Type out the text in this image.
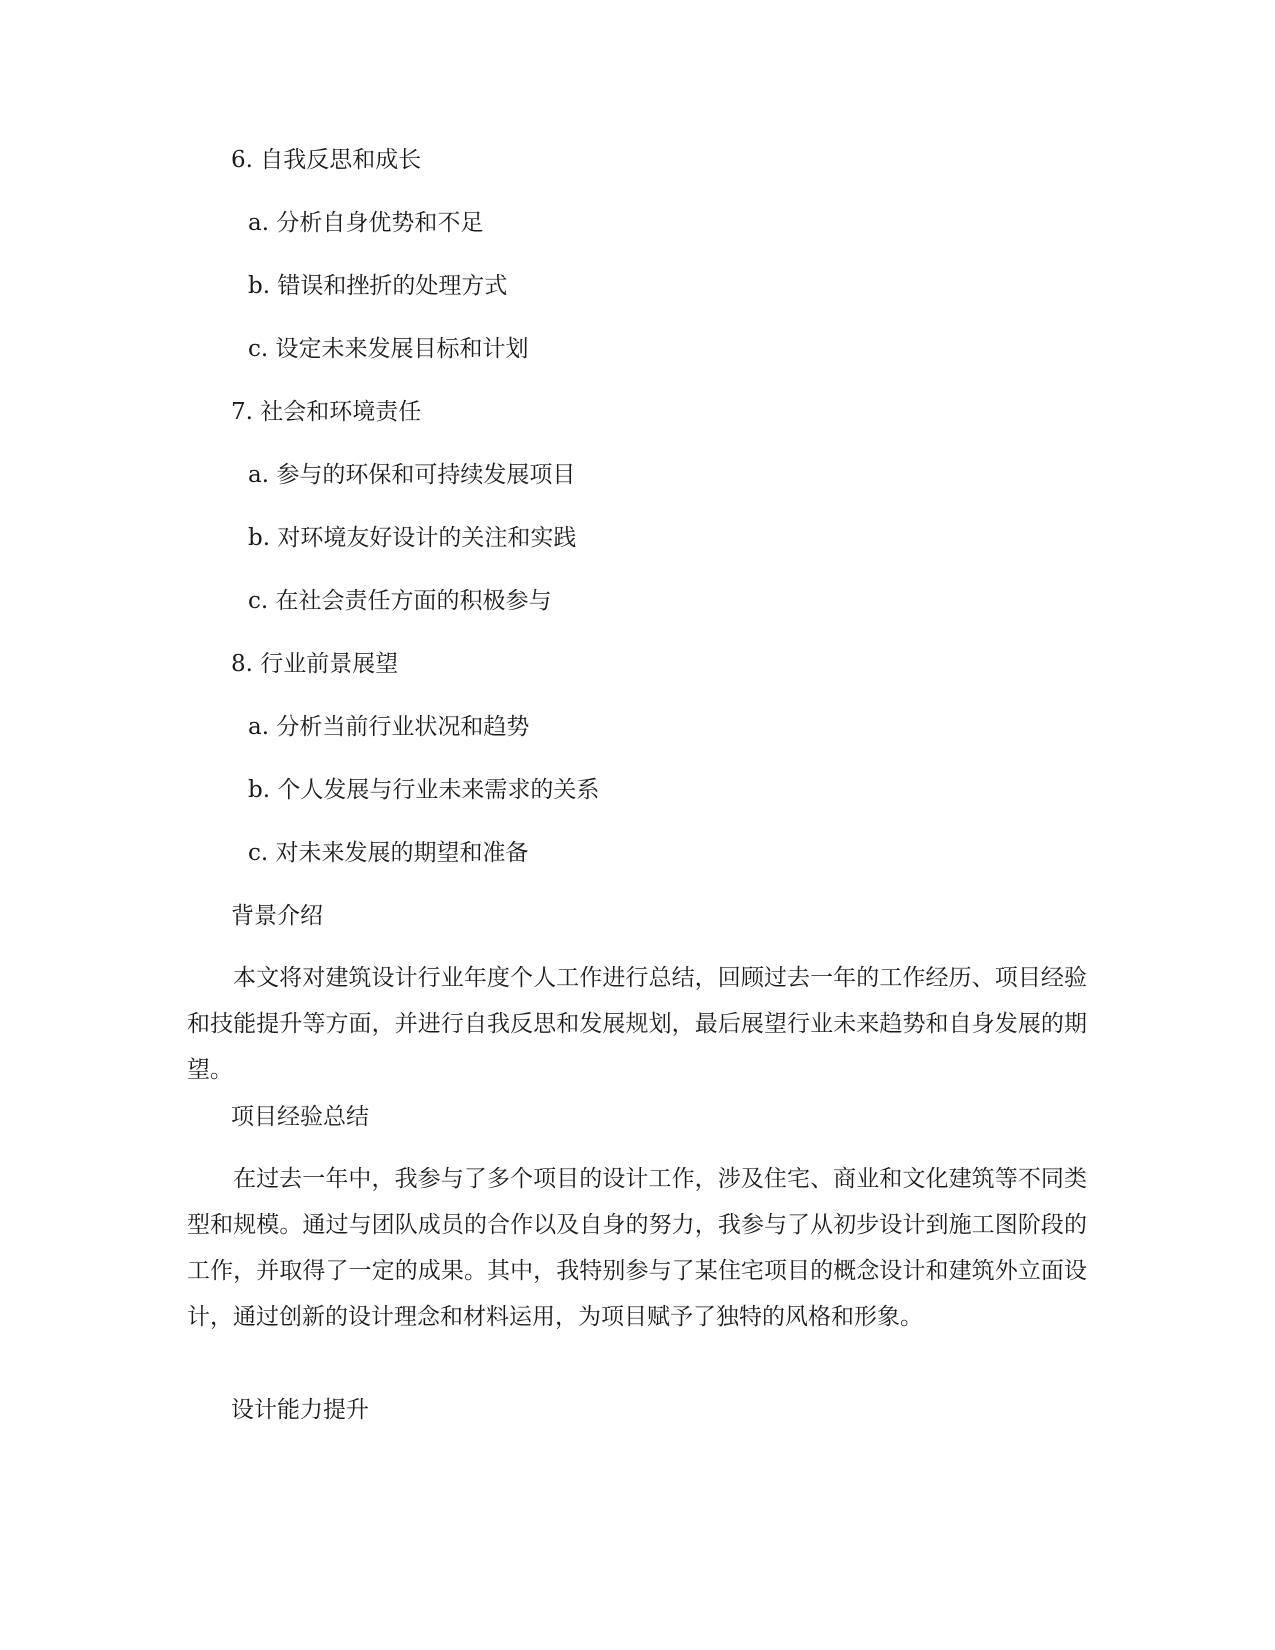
6. 自我反思和成长
a. 分析自身优势和不足
b. 错误和挫折的处理方式
c. 设定未来发展目标和计划
7. 社会和环境责任
a. 参与的环保和可持续发展项目
b. 对环境友好设计的关注和实践
c. 在社会责任方面的积极参与
8. 行业前景展望
a. 分析当前行业状况和趋势
b. 个人发展与行业未来需求的关系
c. 对未来发展的期望和准备
背景介绍
本文将对建筑设计行业年度个人工作进行总结，回顾过去一年的工作经历、项目经验和技能提升等方面，并进行自我反思和发展规划，最后展望行业未来趋势和自身发展的期望。
项目经验总结
在过去一年中，我参与了多个项目的设计工作，涉及住宅、商业和文化建筑等不同类型和规模。通过与团队成员的合作以及自身的努力，我参与了从初步设计到施工图阶段的工作，并取得了一定的成果。其中，我特别参与了某住宅项目的概念设计和建筑外立面设计，通过创新的设计理念和材料运用，为项目赋予了独特的风格和形象。
设计能力提升
